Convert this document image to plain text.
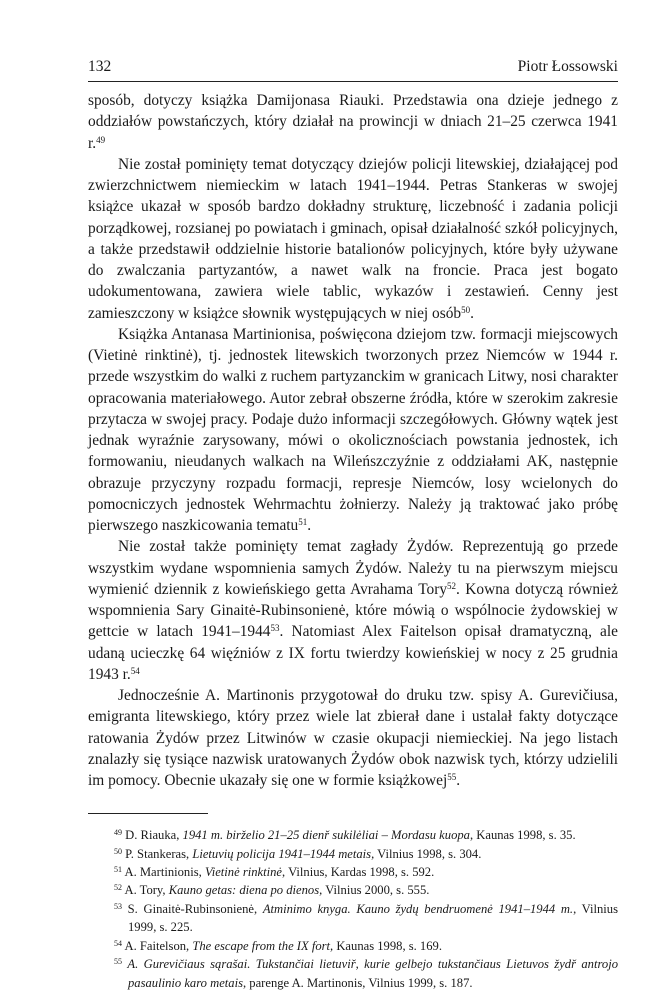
132	Piotr Łossowski

sposób, dotyczy książka Damijonasa Riauki. Przedstawia ona dzieje jednego z oddziałów powstańczych, który działał na prowincji w dniach 21–25 czerwca 1941 r.$^{49}$

Nie został pominięty temat dotyczący dziejów policji litewskiej, działającej pod zwierzchnictwem niemieckim w latach 1941–1944. Petras Stankeras w swojej książce ukazał w sposób bardzo dokładny strukturę, liczebność i zadania policji porządkowej, rozsianej po powiatach i gminach, opisał działalność szkół policyjnych, a także przedstawił oddzielnie historie batalionów policyjnych, które były używane do zwalczania partyzantów, a nawet walk na froncie. Praca jest bogato udokumentowana, zawiera wiele tablic, wykazów i zestawień. Cenny jest zamieszczony w książce słownik występujących w niej osób$^{50}$.

Książka Antanasa Martinionisa, poświęcona dziejom tzw. formacji miejscowych (Vietinė rinktinė), tj. jednostek litewskich tworzonych przez Niemców w 1944 r. przede wszystkim do walki z ruchem partyzanckim w granicach Litwy, nosi charakter opracowania materiałowego. Autor zebrał obszerne źródła, które w szerokim zakresie przytacza w swojej pracy. Podaje dużo informacji szczegółowych. Główny wątek jest jednak wyraźnie zarysowany, mówi o okolicznościach powstania jednostek, ich formowaniu, nieudanych walkach na Wileńszczyźnie z oddziałami AK, następnie obrazuje przyczyny rozpadu formacji, represje Niemców, losy wcielonych do pomocniczych jednostek Wehrmachtu żołnierzy. Należy ją traktować jako próbę pierwszego naszkicowania tematu$^{51}$.

Nie został także pominięty temat zagłady Żydów. Reprezentują go przede wszystkim wydane wspomnienia samych Żydów. Należy tu na pierwszym miejscu wymienić dziennik z kowieńskiego getta Avrahama Tory$^{52}$. Kowna dotyczą również wspomnienia Sary Ginaitė-Rubinsonienė, które mówią o wspólnocie żydowskiej w gettcie w latach 1941–1944$^{53}$. Natomiast Alex Faitelson opisał dramatyczną, ale udaną ucieczkę 64 więźniów z IX fortu twierdzy kowieńskiej w nocy z 25 grudnia 1943 r.$^{54}$

Jednocześnie A. Martinonis przygotował do druku tzw. spisy A. Gurevičiusa, emigranta litewskiego, który przez wiele lat zbierał dane i ustalał fakty dotyczące ratowania Żydów przez Litwinów w czasie okupacji niemieckiej. Na jego listach znalazły się tysiące nazwisk uratowanych Żydów obok nazwisk tych, którzy udzielili im pomocy. Obecnie ukazały się one w formie książkowej$^{55}$.

$^{49}$ D. Riauka, 1941 m. birželio 21–25 dienř sukilėliai – Mordasu kuopa, Kaunas 1998, s. 35.
$^{50}$ P. Stankeras, Lietuvių policija 1941–1944 metais, Vilnius 1998, s. 304.
$^{51}$ A. Martinionis, Vietinė rinktinė, Vilnius, Kardas 1998, s. 592.
$^{52}$ A. Tory, Kauno getas: diena po dienos, Vilnius 2000, s. 555.
$^{53}$ S. Ginaitė-Rubinsonienė, Atminimo knyga. Kauno žydų bendruomenė 1941–1944 m., Vilnius 1999, s. 225.
$^{54}$ A. Faitelson, The escape from the IX fort, Kaunas 1998, s. 169.
$^{55}$ A. Gurevičiaus sąrašai. Tukstančiai lietuviř, kurie gelbejo tukstančiaus Lietuvos žydř antrojo pasaulinio karo metais, parenge A. Martinonis, Vilnius 1999, s. 187.
